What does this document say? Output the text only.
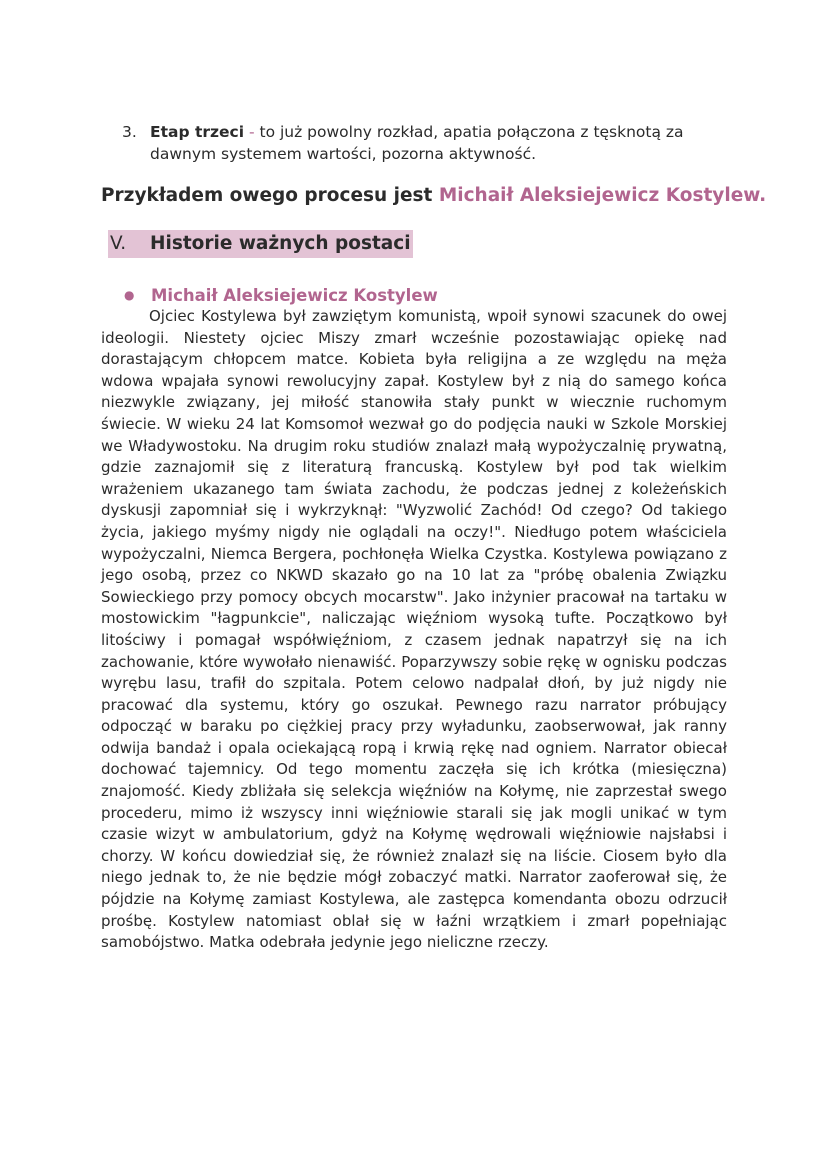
3. Etap trzeci - to już powolny rozkład, apatia połączona z tęsknotą za dawnym systemem wartości, pozorna aktywność.
Przykładem owego procesu jest Michaił Aleksiejewicz Kostylew.
V. Historie ważnych postaci
● Michaił Aleksiejewicz Kostylew
Ojciec Kostylewa był zawziętym komunistą, wpoił synowi szacunek do owej ideologii. Niestety ojciec Miszy zmarł wcześnie pozostawiając opiekę nad dorastającym chłopcem matce. Kobieta była religijna a ze względu na męża wdowa wpajała synowi rewolucyjny zapał. Kostylew był z nią do samego końca niezwykle związany, jej miłość stanowiła stały punkt w wiecznie ruchomym świecie. W wieku 24 lat Komsomoł wezwał go do podjęcia nauki w Szkole Morskiej we Władywostoku. Na drugim roku studiów znalazł małą wypożyczalnię prywatną, gdzie zaznajomił się z literaturą francuską. Kostylew był pod tak wielkim wrażeniem ukazanego tam świata zachodu, że podczas jednej z koleżeńskich dyskusji zapomniał się i wykrzyknął: "Wyzwolić Zachód! Od czego? Od takiego życia, jakiego myśmy nigdy nie oglądali na oczy!". Niedługo potem właściciela wypożyczalni, Niemca Bergera, pochłonęła Wielka Czystka. Kostylewa powiązano z jego osobą, przez co NKWD skazało go na 10 lat za "próbę obalenia Związku Sowieckiego przy pomocy obcych mocarstw". Jako inżynier pracował na tartaku w mostowickim "łagpunkcie", naliczając więźniom wysoką tufte. Początkowo był litościwy i pomagał współwięźniom, z czasem jednak napatrzył się na ich zachowanie, które wywołało nienawiść. Poparzywszy sobie rękę w ognisku podczas wyrębu lasu, trafił do szpitala. Potem celowo nadpalał dłoń, by już nigdy nie pracować dla systemu, który go oszukał. Pewnego razu narrator próbujący odpocząć w baraku po ciężkiej pracy przy wyładunku, zaobserwował, jak ranny odwija bandaż i opala ociekającą ropą i krwią rękę nad ogniem. Narrator obiecał dochować tajemnicy. Od tego momentu zaczęła się ich krótka (miesięczna) znajomość. Kiedy zbliżała się selekcja więźniów na Kołymę, nie zaprzestał swego procederu, mimo iż wszyscy inni więźniowie starali się jak mogli unikać w tym czasie wizyt w ambulatorium, gdyż na Kołymę wędrowali więźniowie najsłabsi i chorzy. W końcu dowiedział się, że również znalazł się na liście. Ciosem było dla niego jednak to, że nie będzie mógł zobaczyć matki. Narrator zaoferował się, że pójdzie na Kołymę zamiast Kostylewa, ale zastępca komendanta obozu odrzucił prośbę. Kostylew natomiast oblał się w łaźni wrzątkiem i zmarł popełniając samobójstwo. Matka odebrała jedynie jego nieliczne rzeczy.
